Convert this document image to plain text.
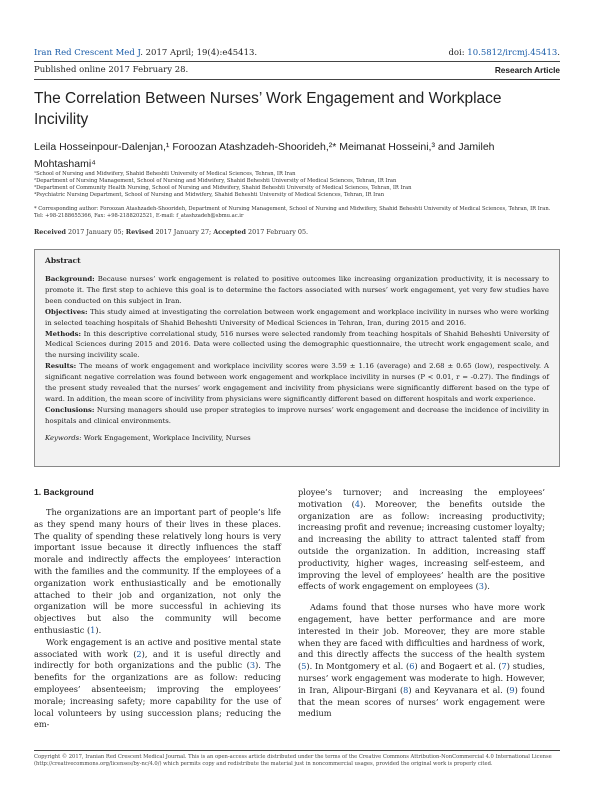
Iran Red Crescent Med J. 2017 April; 19(4):e45413.	doi: 10.5812/ircmj.45413.
Published online 2017 February 28.	Research Article
The Correlation Between Nurses’ Work Engagement and Workplace Incivility
Leila Hosseinpour-Dalenjan,¹ Foroozan Atashzadeh-Shoorideh,²* Meimanat Hosseini,³ and Jamileh Mohtashami⁴
¹School of Nursing and Midwifery, Shahid Beheshti University of Medical Sciences, Tehran, IR Iran
²Department of Nursing Management, School of Nursing and Midwifery, Shahid Beheshti University of Medical Sciences, Tehran, IR Iran
³Department of Community Health Nursing, School of Nursing and Midwifery, Shahid Beheshti University of Medical Sciences, Tehran, IR Iran
⁴Psychiatric Nursing Department, School of Nursing and Midwifery, Shahid Beheshti University of Medical Sciences, Tehran, IR Iran
* Corresponding author: Foroozan Atashzadeh-Shoorideh, Department of Nursing Management, School of Nursing and Midwifery, Shahid Beheshti University of Medical Sciences, Tehran, IR Iran. Tel: +98-2188655366, Fax: +98-2188202521, E-mail: f_atashzadeh@sbmu.ac.ir
Received 2017 January 05; Revised 2017 January 27; Accepted 2017 February 05.
Abstract

Background: Because nurses’ work engagement is related to positive outcomes like increasing organization productivity, it is necessary to promote it. The first step to achieve this goal is to determine the factors associated with nurses’ work engagement, yet very few studies have been conducted on this subject in Iran.

Objectives: This study aimed at investigating the correlation between work engagement and workplace incivility in nurses who were working in selected teaching hospitals of Shahid Beheshti University of Medical Sciences in Tehran, Iran, during 2015 and 2016.

Methods: In this descriptive correlational study, 516 nurses were selected randomly from teaching hospitals of Shahid Beheshti University of Medical Sciences during 2015 and 2016. Data were collected using the demographic questionnaire, the utrecht work engagement scale, and the nursing incivility scale.

Results: The means of work engagement and workplace incivility scores were 3.59 ± 1.16 (average) and 2.68 ± 0.65 (low), respectively. A significant negative correlation was found between work engagement and workplace incivility in nurses (P < 0.01, r = -0.27). The findings of the present study revealed that the nurses’ work engagement and incivility from physicians were significantly different based on the type of ward. In addition, the mean score of incivility from physicians were significantly different based on different hospitals and work experience.

Conclusions: Nursing managers should use proper strategies to improve nurses’ work engagement and decrease the incidence of incivility in hospitals and clinical environments.

Keywords: Work Engagement, Workplace Incivility, Nurses
1. Background

The organizations are an important part of people’s life as they spend many hours of their lives in these places. The quality of spending these relatively long hours is very important issue because it directly influences the staff morale and indirectly affects the employees’ interaction with the families and the community. If the employees of a organization work enthusiastically and be emotionally attached to their job and organization, not only the organization will be more successful in achieving its objectives but also the community will become enthusiastic (1).

Work engagement is an active and positive mental state associated with work (2), and it is useful directly and indirectly for both organizations and the public (3). The benefits for the organizations are as follow: reducing employees’ absenteeism; improving the employees’ morale; increasing safety; more capability for the use of local volunteers by using succession plans; reducing the em-

ployee’s turnover; and increasing the employees’ motivation (4). Moreover, the benefits outside the organization are as follow: increasing productivity; increasing profit and revenue; increasing customer loyalty; and increasing the ability to attract talented staff from outside the organization. In addition, increasing staff productivity, higher wages, increasing self-esteem, and improving the level of employees’ health are the positive effects of work engagement on employees (3).

Adams found that those nurses who have more work engagement, have better performance and are more interested in their job. Moreover, they are more stable when they are faced with difficulties and hardness of work, and this directly affects the success of the health system (5). In Montgomery et al. (6) and Bogaert et al. (7) studies, nurses’ work engagement was moderate to high. However, in Iran, Alipour-Birgani (8) and Keyvanara et al. (9) found that the mean scores of nurses’ work engagement were medium

Copyright © 2017, Iranian Red Crescent Medical Journal. This is an open-access article distributed under the terms of the Creative Commons Attribution-NonCommercial 4.0 International License (http://creativecommons.org/licenses/by-nc/4.0/) which permits copy and redistribute the material just in noncommercial usages, provided the original work is properly cited.
